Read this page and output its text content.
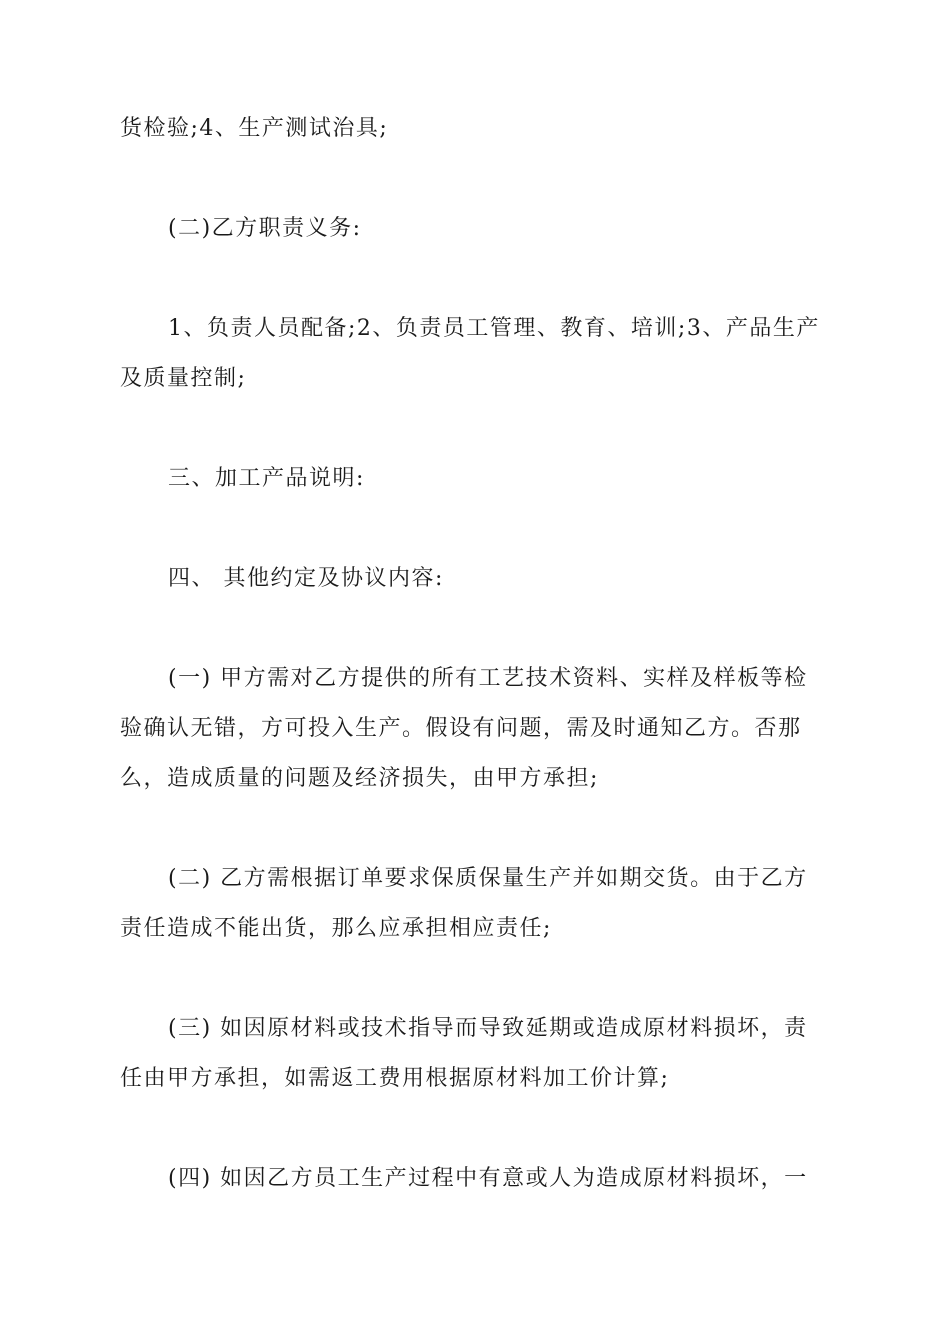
货检验;4、生产测试治具;
(二)乙方职责义务:
1、负责人员配备;2、负责员工管理、教育、培训;3、产品生产
及质量控制;
三、加工产品说明:
四、 其他约定及协议内容:
(一) 甲方需对乙方提供的所有工艺技术资料、实样及样板等检
验确认无错，方可投入生产。假设有问题，需及时通知乙方。否那
么，造成质量的问题及经济损失，由甲方承担;
(二) 乙方需根据订单要求保质保量生产并如期交货。由于乙方
责任造成不能出货，那么应承担相应责任;
(三) 如因原材料或技术指导而导致延期或造成原材料损坏，责
任由甲方承担，如需返工费用根据原材料加工价计算;
(四) 如因乙方员工生产过程中有意或人为造成原材料损坏，一
